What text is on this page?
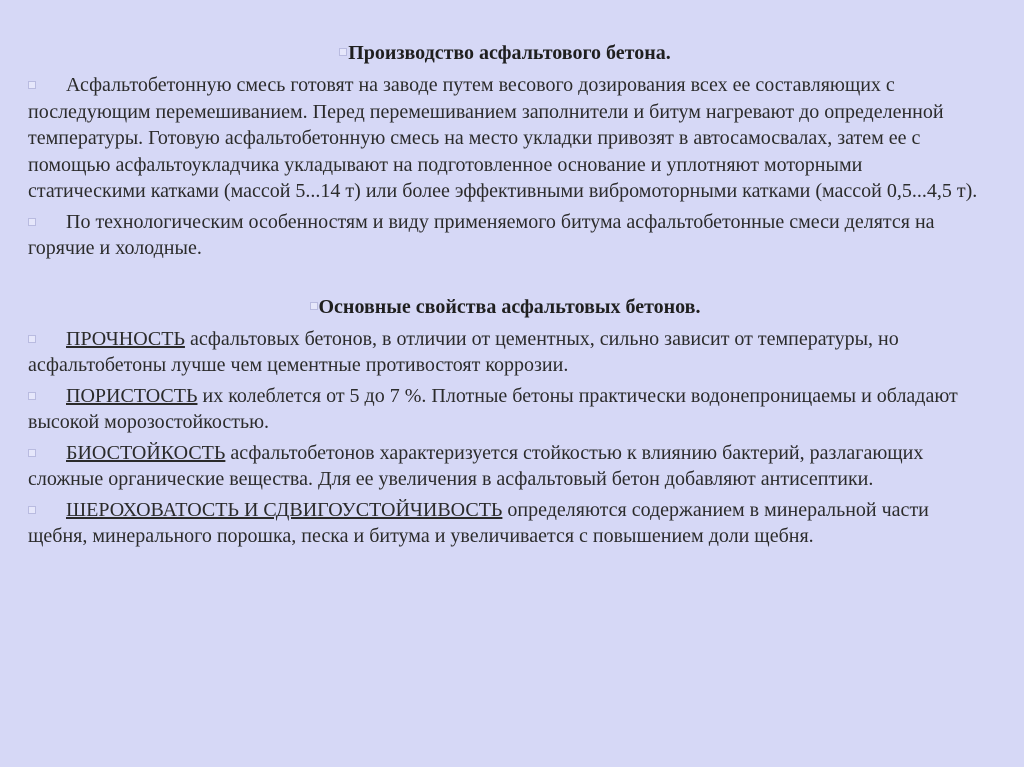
Производство асфальтового бетона.
Асфальтобетонную смесь готовят на заводе путем весового дозирования всех ее составляющих с последующим перемешиванием. Перед перемешиванием заполнители и битум нагревают до определенной температуры. Готовую асфальтобетонную смесь на место укладки привозят в автосамосвалах, затем ее с помощью асфальтоукладчика укладывают на подготовленное основание и уплотняют моторными статическими катками (массой 5...14 т) или более эффективными вибромоторными катками (массой 0,5...4,5 т).
По технологическим особенностям и виду применяемого битума асфальтобетонные смеси делятся на горячие и холодные.
Основные свойства асфальтовых бетонов.
ПРОЧНОСТЬ асфальтовых бетонов, в отличии от цементных, сильно зависит от температуры, но асфальтобетоны лучше чем цементные противостоят коррозии.
ПОРИСТОСТЬ их колеблется от 5 до 7 %. Плотные бетоны практически водонепроницаемы и обладают высокой морозостойкостью.
БИОСТОЙКОСТЬ асфальтобетонов характеризуется стойкостью к влиянию бактерий, разлагающих сложные органические вещества. Для ее увеличения в асфальтовый бетон добавляют антисептики.
ШЕРОХОВАТОСТЬ И СДВИГОУСТОЙЧИВОСТЬ определяются содержанием в минеральной части щебня, минерального порошка, песка и битума и увеличивается с повышением доли щебня.
